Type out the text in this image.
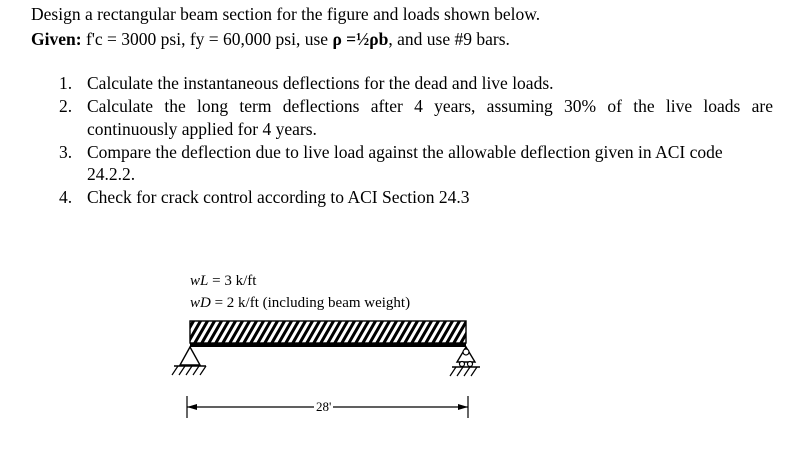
Design a rectangular beam section for the figure and loads shown below.
Given: f'c = 3000 psi, fy = 60,000 psi, use ρ =½ρb, and use #9 bars.
1. Calculate the instantaneous deflections for the dead and live loads.
2. Calculate the long term deflections after 4 years, assuming 30% of the live loads are
continuously applied for 4 years.
3. Compare the deflection due to live load against the allowable deflection given in ACI code
24.2.2.
4. Check for crack control according to ACI Section 24.3
wL = 3 k/ft
wD = 2 k/ft (including beam weight)
28'
